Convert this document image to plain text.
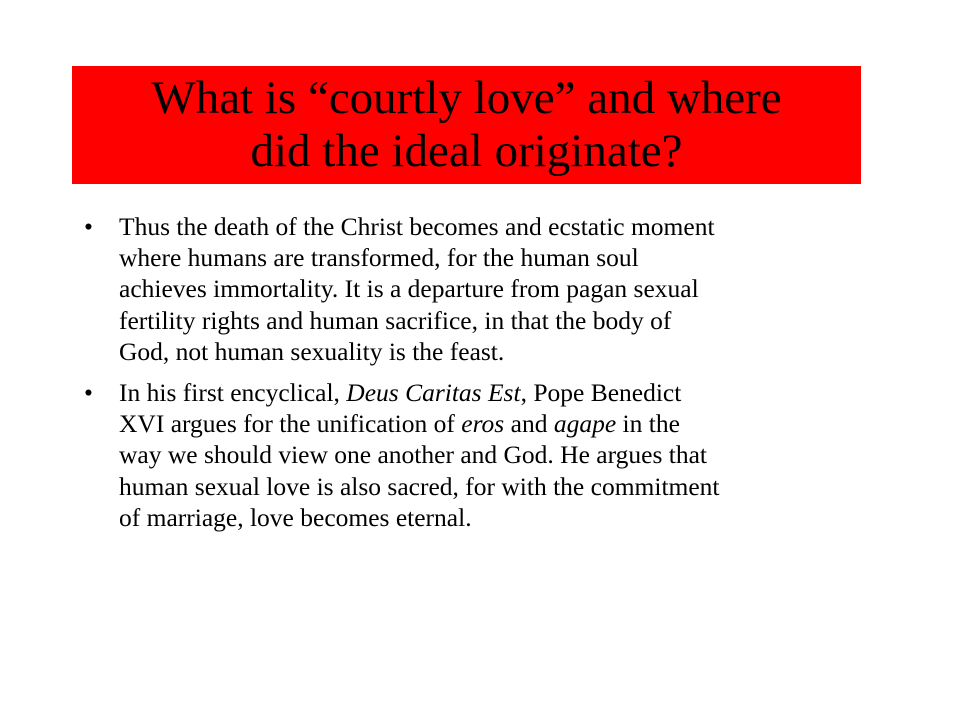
What is “courtly love” and where
did the ideal originate?
• Thus the death of the Christ becomes and ecstatic moment
where humans are transformed, for the human soul
achieves immortality. It is a departure from pagan sexual
fertility rights and human sacrifice, in that the body of
God, not human sexuality is the feast.
• In his first encyclical, Deus Caritas Est, Pope Benedict
XVI argues for the unification of eros and agape in the
way we should view one another and God. He argues that
human sexual love is also sacred, for with the commitment
of marriage, love becomes eternal.
